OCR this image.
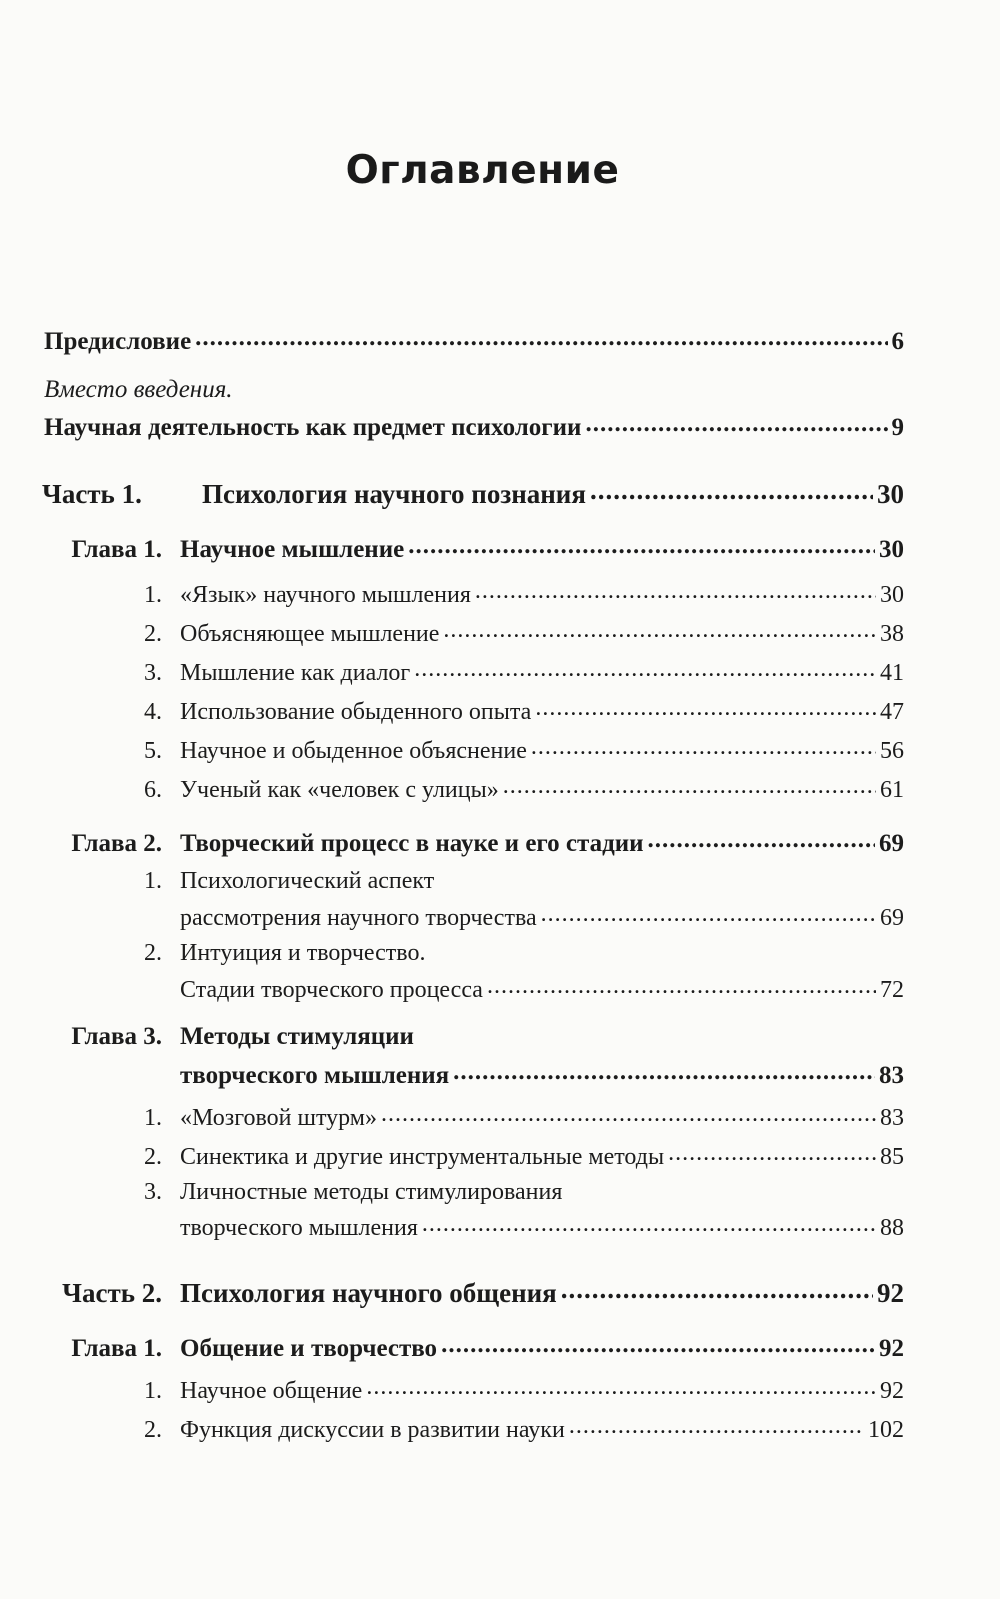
Оглавление
Предисловие .....	6
Вместо введения.
Научная деятельность как предмет психологии .....	9
Часть 1.	Психология научного познания .....	30
Глава 1. Научное мышление .....	30
1. «Язык» научного мышления .....	30
2. Объясняющее мышление .....	38
3. Мышление как диалог .....	41
4. Использование обыденного опыта .....	47
5. Научное и обыденное объяснение .....	56
6. Ученый как «человек с улицы» .....	61
Глава 2. Творческий процесс в науке и его стадии .....	69
1. Психологический аспект
рассмотрения научного творчества .....	69
2. Интуиция и творчество.
Стадии творческого процесса .....	72
Глава 3. Методы стимуляции
творческого мышления .....	83
1. «Мозговой штурм» .....	83
2. Синектика и другие инструментальные методы .....	85
3. Личностные методы стимулирования
творческого мышления .....	88
Часть 2. Психология научного общения .....	92
Глава 1. Общение и творчество .....	92
1. Научное общение .....	92
2. Функция дискуссии в развитии науки .....	102
